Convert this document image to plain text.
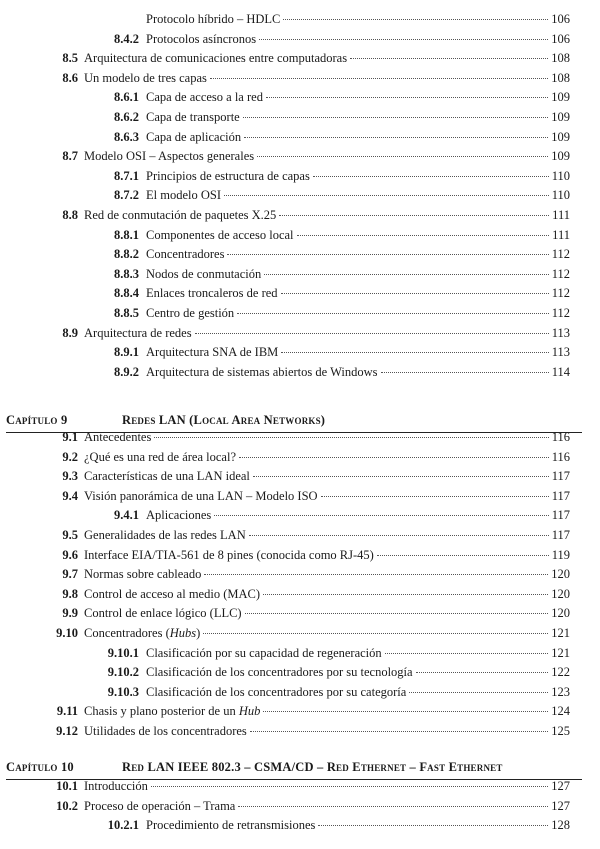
Protocolo híbrido – HDLC	106
8.4.2 Protocolos asíncronos	106
8.5 Arquitectura de comunicaciones entre computadoras	108
8.6 Un modelo de tres capas	108
8.6.1 Capa de acceso a la red	109
8.6.2 Capa de transporte	109
8.6.3 Capa de aplicación	109
8.7 Modelo OSI – Aspectos generales	109
8.7.1 Principios de estructura de capas	110
8.7.2 El modelo OSI	110
8.8 Red de conmutación de paquetes X.25	111
8.8.1 Componentes de acceso local	111
8.8.2 Concentradores	112
8.8.3 Nodos de conmutación	112
8.8.4 Enlaces troncaleros de red	112
8.8.5 Centro de gestión	112
8.9 Arquitectura de redes	113
8.9.1 Arquitectura SNA de IBM	113
8.9.2 Arquitectura de sistemas abiertos de Windows	114
Capítulo 9	Redes LAN (Local Area Networks)
9.1 Antecedentes	116
9.2 ¿Qué es una red de área local?	116
9.3 Características de una LAN ideal	117
9.4 Visión panorámica de una LAN – Modelo ISO	117
9.4.1 Aplicaciones	117
9.5 Generalidades de las redes LAN	117
9.6 Interface EIA/TIA-561 de 8 pines (conocida como RJ-45)	119
9.7 Normas sobre cableado	120
9.8 Control de acceso al medio (MAC)	120
9.9 Control de enlace lógico (LLC)	120
9.10 Concentradores (Hubs)	121
9.10.1 Clasificación por su capacidad de regeneración	121
9.10.2 Clasificación de los concentradores por su tecnología	122
9.10.3 Clasificación de los concentradores por su categoría	123
9.11 Chasis y plano posterior de un Hub	124
9.12 Utilidades de los concentradores	125
Capítulo 10	Red LAN IEEE 802.3 – CSMA/CD – Red Ethernet – Fast Ethernet
10.1 Introducción	127
10.2 Proceso de operación – Trama	127
10.2.1 Procedimiento de retransmisiones	128
